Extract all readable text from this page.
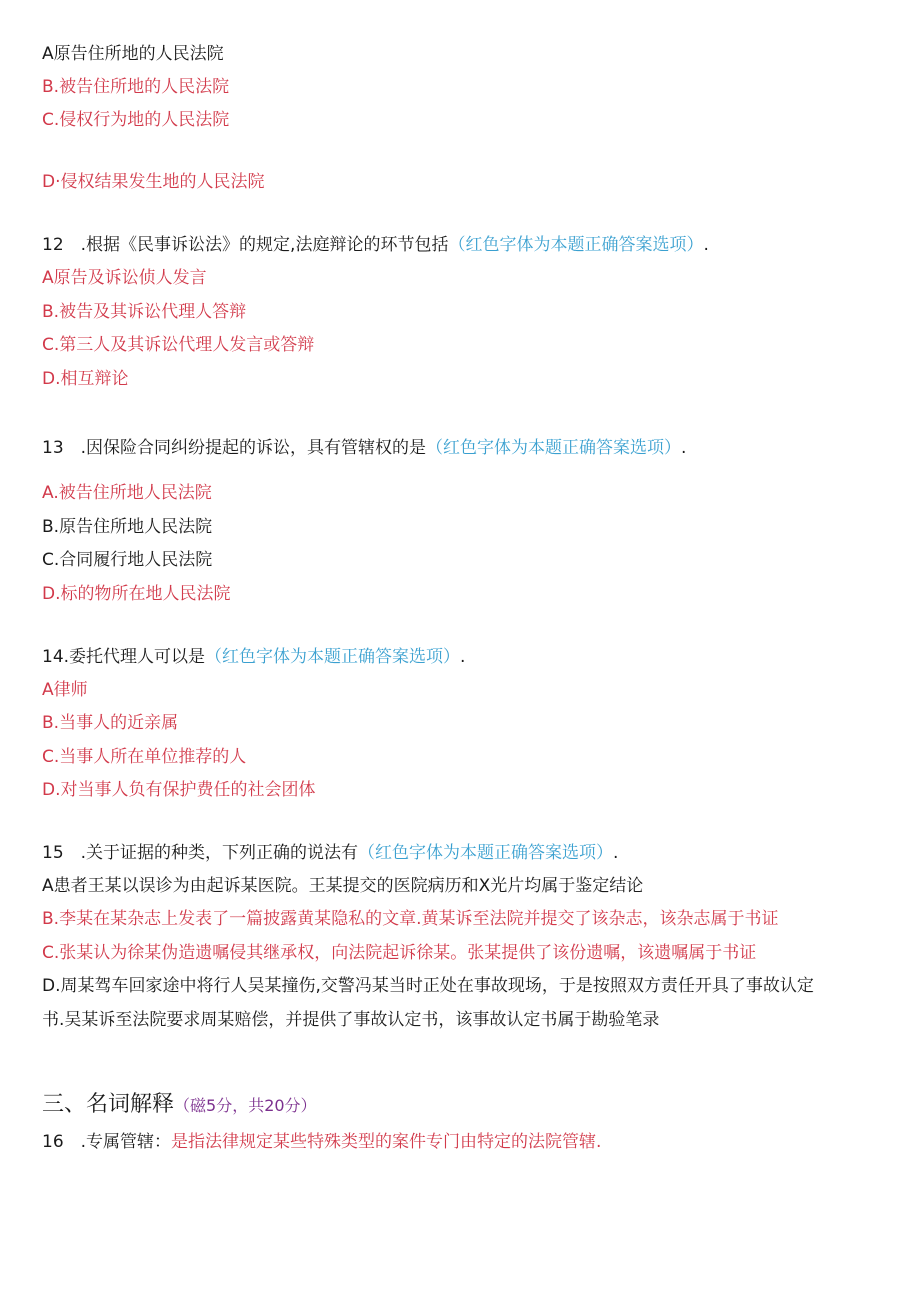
A原告住所地的人民法院
B.被告住所地的人民法院
C.侵权行为地的人民法院
D·侵权结果发生地的人民法院
12　.根据《民事诉讼法》的规定,法庭辩论的环节包括（红色字体为本题正确答案选项）.
A原告及诉讼侦人发言
B.被告及其诉讼代理人答辩
C.第三人及其诉讼代理人发言或答辩
D.相互辩论
13　.因保险合同纠纷提起的诉讼，具有管辖权的是（红色字体为本题正确答案选项）.
A.被告住所地人民法院
B.原告住所地人民法院
C.合同履行地人民法院
D.标的物所在地人民法院
14.委托代理人可以是（红色字体为本题正确答案选项）.
A律师
B.当事人的近亲属
C.当事人所在单位推荐的人
D.对当事人负有保护费任的社会团体
15　.关于证据的种类，下列正确的说法有（红色字体为本题正确答案选项）.
A患者王某以误诊为由起诉某医院。王某提交的医院病历和X光片均属于鉴定结论
B.李某在某杂志上发表了一篇披露黄某隐私的文章.黄某诉至法院并提交了该杂志，该杂志属于书证
C.张某认为徐某伪造遗嘱侵其继承权，向法院起诉徐某。张某提供了该份遗嘱，该遗嘱属于书证
D.周某驾车回家途中将行人吴某撞伤,交警冯某当时正处在事故现场，于是按照双方责任开具了事故认定
书.吴某诉至法院要求周某赔偿，并提供了事故认定书，该事故认定书属于勘验笔录
三、名词解释（磁5分，共20分）
16　.专属管辖：是指法律规定某些特殊类型的案件专门由特定的法院管辖.
